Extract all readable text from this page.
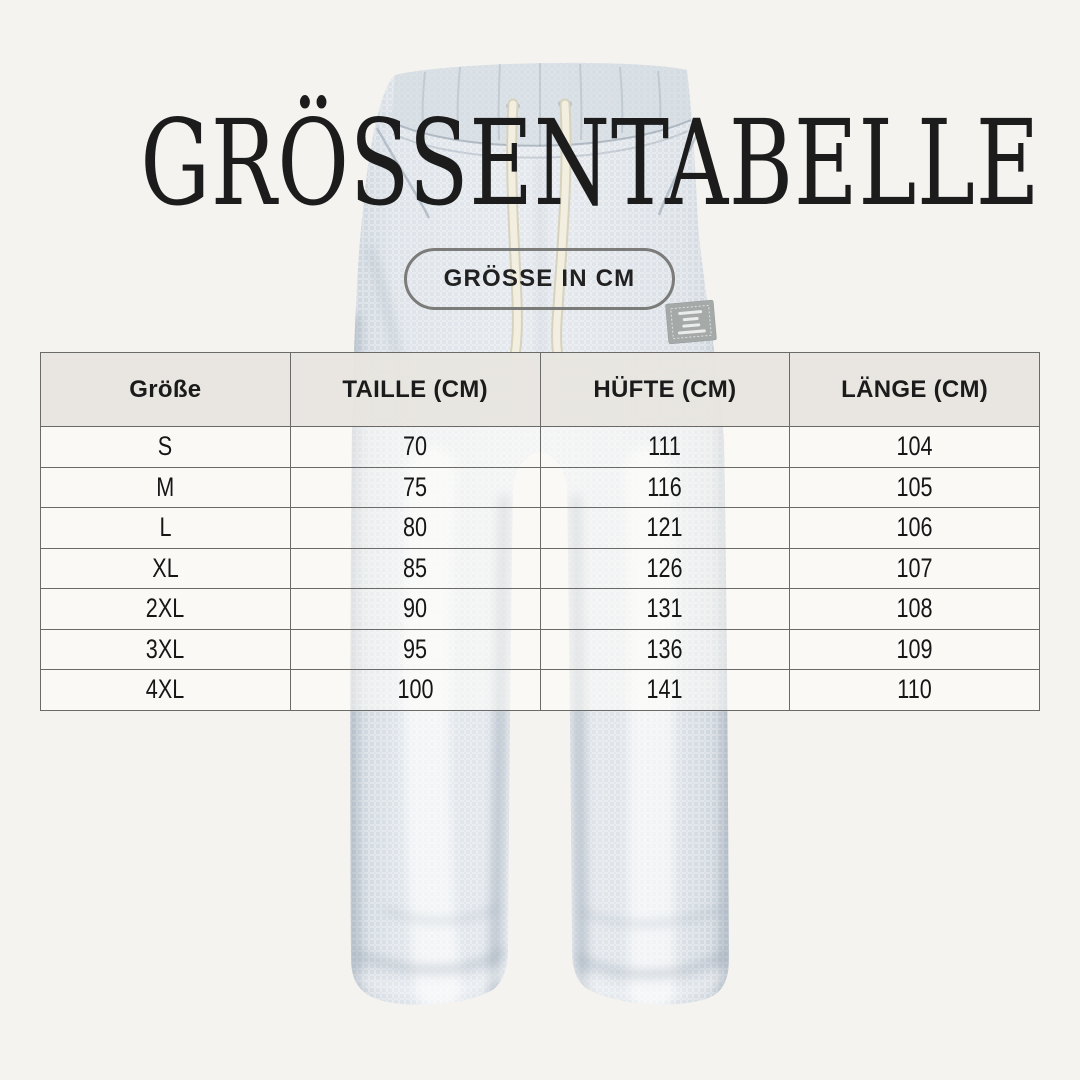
GRÖSSENTABELLE
GRÖSSE IN CM
Größe	TAILLE (CM)	HÜFTE (CM)	LÄNGE (CM)
S	70	111	104
M	75	116	105
L	80	121	106
XL	85	126	107
2XL	90	131	108
3XL	95	136	109
4XL	100	141	110
